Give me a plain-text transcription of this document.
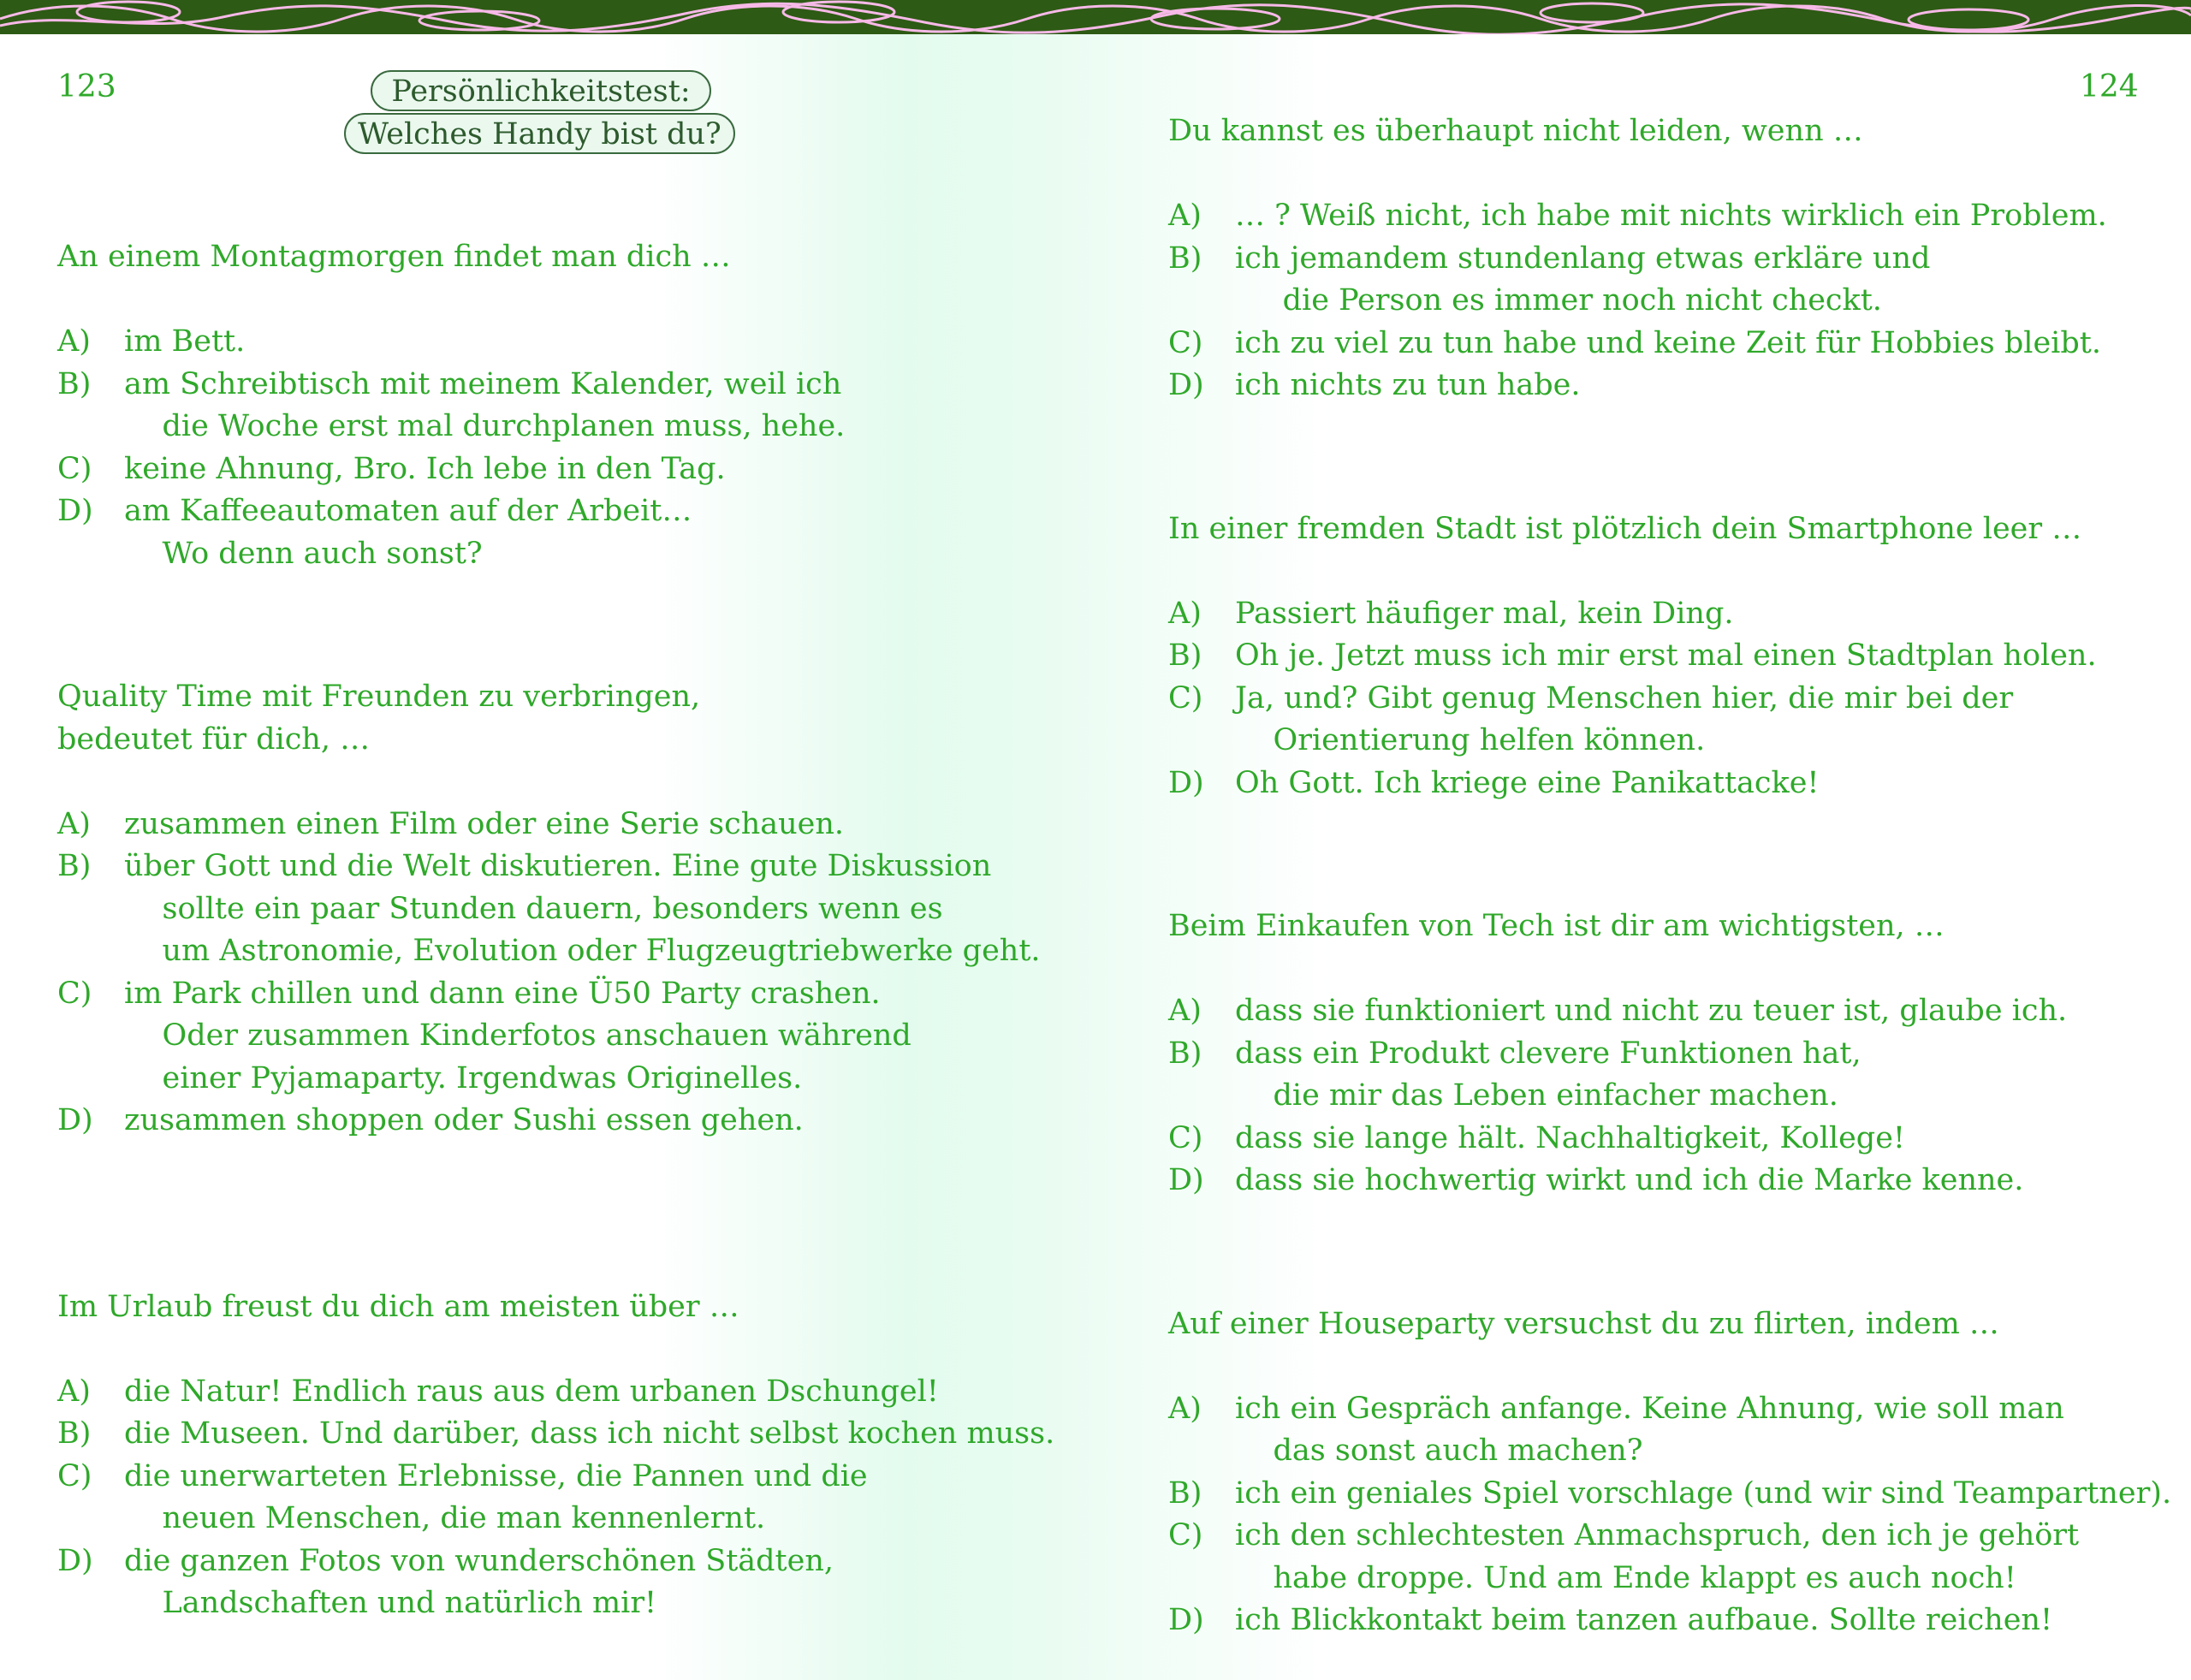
123	124
Persönlichkeitstest:
Welches Handy bist du?

An einem Montagmorgen findet man dich …

A)	im Bett.
B)	am Schreibtisch mit meinem Kalender, weil ich
die Woche erst mal durchplanen muss, hehe.
C)	keine Ahnung, Bro. Ich lebe in den Tag.
D)	am Kaffeeautomaten auf der Arbeit…
Wo denn auch sonst?

Quality Time mit Freunden zu verbringen,
bedeutet für dich, …

A)	zusammen einen Film oder eine Serie schauen.
B)	über Gott und die Welt diskutieren. Eine gute Diskussion
sollte ein paar Stunden dauern, besonders wenn es
um Astronomie, Evolution oder Flugzeugtriebwerke geht.
C)	im Park chillen und dann eine Ü50 Party crashen.
Oder zusammen Kinderfotos anschauen während
einer Pyjamaparty. Irgendwas Originelles.
D)	zusammen shoppen oder Sushi essen gehen.

Im Urlaub freust du dich am meisten über …

A)	die Natur! Endlich raus aus dem urbanen Dschungel!
B)	die Museen. Und darüber, dass ich nicht selbst kochen muss.
C)	die unerwarteten Erlebnisse, die Pannen und die
neuen Menschen, die man kennenlernt.
D)	die ganzen Fotos von wunderschönen Städten,
Landschaften und natürlich mir!

Du kannst es überhaupt nicht leiden, wenn …

A)	… ? Weiß nicht, ich habe mit nichts wirklich ein Problem.
B)	ich jemandem stundenlang etwas erkläre und
die Person es immer noch nicht checkt.
C)	ich zu viel zu tun habe und keine Zeit für Hobbies bleibt.
D)	ich nichts zu tun habe.

In einer fremden Stadt ist plötzlich dein Smartphone leer …

A)	Passiert häufiger mal, kein Ding.
B)	Oh je. Jetzt muss ich mir erst mal einen Stadtplan holen.
C)	Ja, und? Gibt genug Menschen hier, die mir bei der
Orientierung helfen können.
D)	Oh Gott. Ich kriege eine Panikattacke!

Beim Einkaufen von Tech ist dir am wichtigsten, …

A)	dass sie funktioniert und nicht zu teuer ist, glaube ich.
B)	dass ein Produkt clevere Funktionen hat,
die mir das Leben einfacher machen.
C)	dass sie lange hält. Nachhaltigkeit, Kollege!
D)	dass sie hochwertig wirkt und ich die Marke kenne.

Auf einer Houseparty versuchst du zu flirten, indem …

A)	ich ein Gespräch anfange. Keine Ahnung, wie soll man
das sonst auch machen?
B)	ich ein geniales Spiel vorschlage (und wir sind Teampartner).
C)	ich den schlechtesten Anmachspruch, den ich je gehört
habe droppe. Und am Ende klappt es auch noch!
D)	ich Blickkontakt beim tanzen aufbaue. Sollte reichen!
